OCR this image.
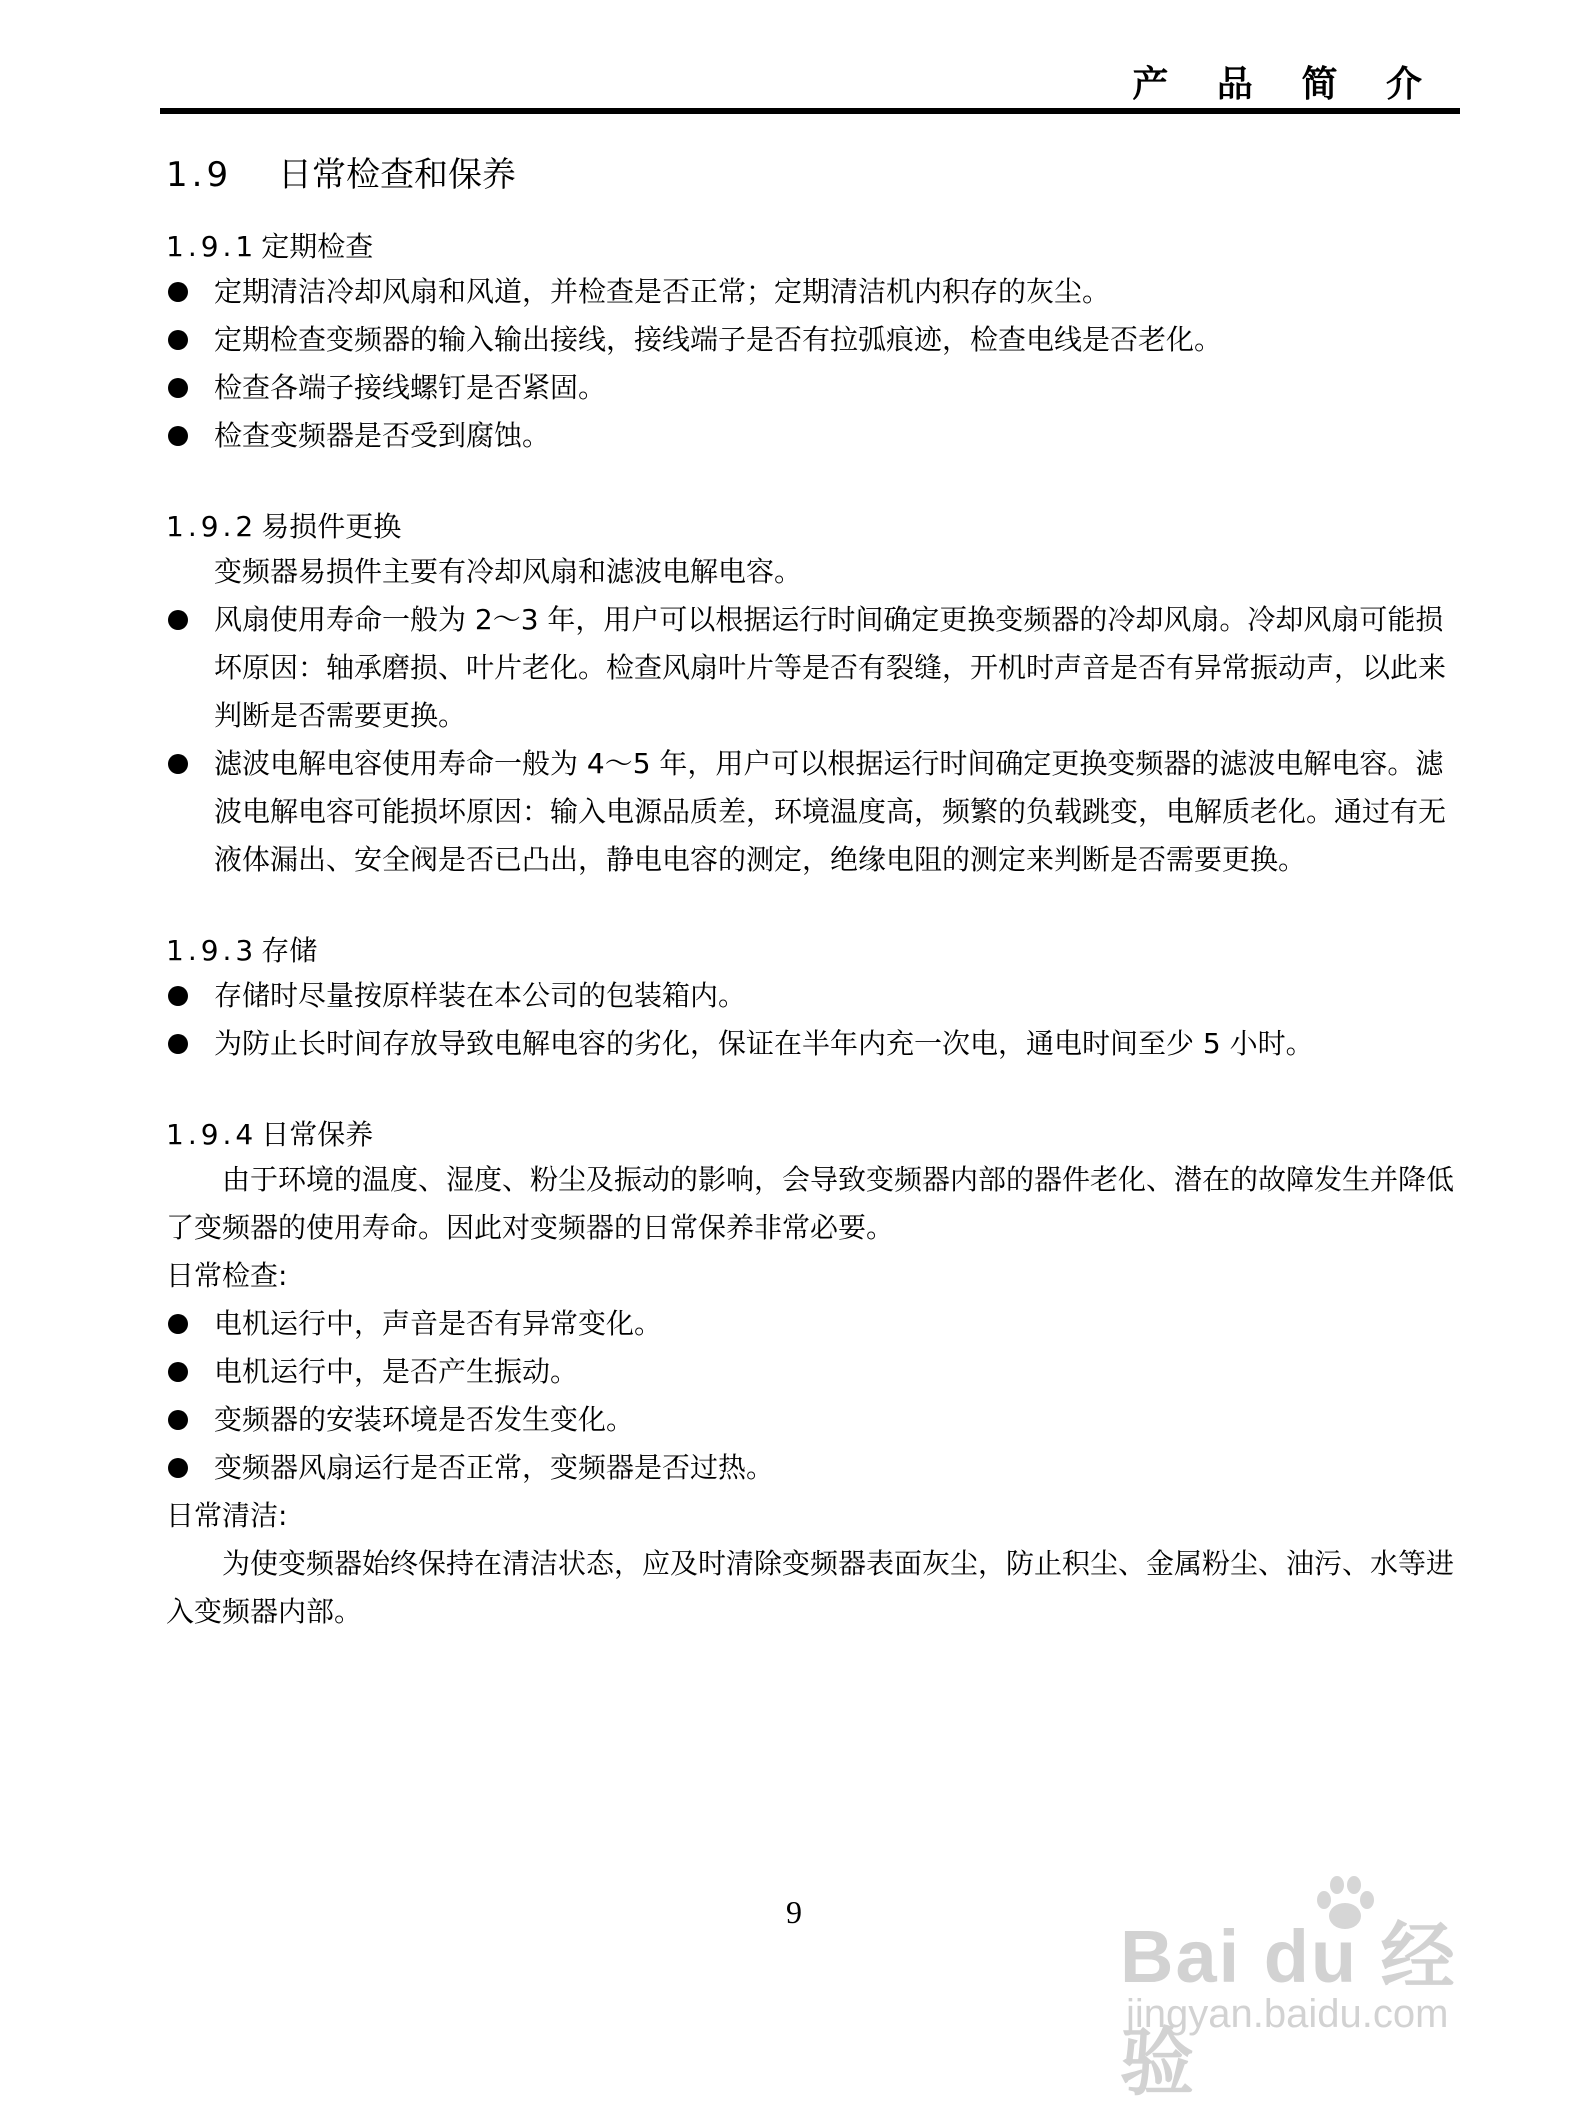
产 品 简 介
1.9 日常检查和保养
1.9.1 定期检查
定期清洁冷却风扇和风道，并检查是否正常；定期清洁机内积存的灰尘。
定期检查变频器的输入输出接线，接线端子是否有拉弧痕迹，检查电线是否老化。
检查各端子接线螺钉是否紧固。
检查变频器是否受到腐蚀。
1.9.2 易损件更换
变频器易损件主要有冷却风扇和滤波电解电容。
风扇使用寿命一般为 2～3 年，用户可以根据运行时间确定更换变频器的冷却风扇。冷却风扇可能损坏原因：轴承磨损、叶片老化。检查风扇叶片等是否有裂缝，开机时声音是否有异常振动声，以此来判断是否需要更换。
滤波电解电容使用寿命一般为 4～5 年，用户可以根据运行时间确定更换变频器的滤波电解电容。滤波电解电容可能损坏原因：输入电源品质差，环境温度高，频繁的负载跳变，电解质老化。通过有无液体漏出、安全阀是否已凸出，静电电容的测定，绝缘电阻的测定来判断是否需要更换。
1.9.3 存储
存储时尽量按原样装在本公司的包装箱内。
为防止长时间存放导致电解电容的劣化，保证在半年内充一次电，通电时间至少 5 小时。
1.9.4 日常保养
由于环境的温度、湿度、粉尘及振动的影响，会导致变频器内部的器件老化、潜在的故障发生并降低了变频器的使用寿命。因此对变频器的日常保养非常必要。
日常检查:
电机运行中，声音是否有异常变化。
电机运行中，是否产生振动。
变频器的安装环境是否发生变化。
变频器风扇运行是否正常，变频器是否过热。
日常清洁:
为使变频器始终保持在清洁状态，应及时清除变频器表面灰尘，防止积尘、金属粉尘、油污、水等进入变频器内部。
9
Bai du 经验
jingyan.baidu.com
